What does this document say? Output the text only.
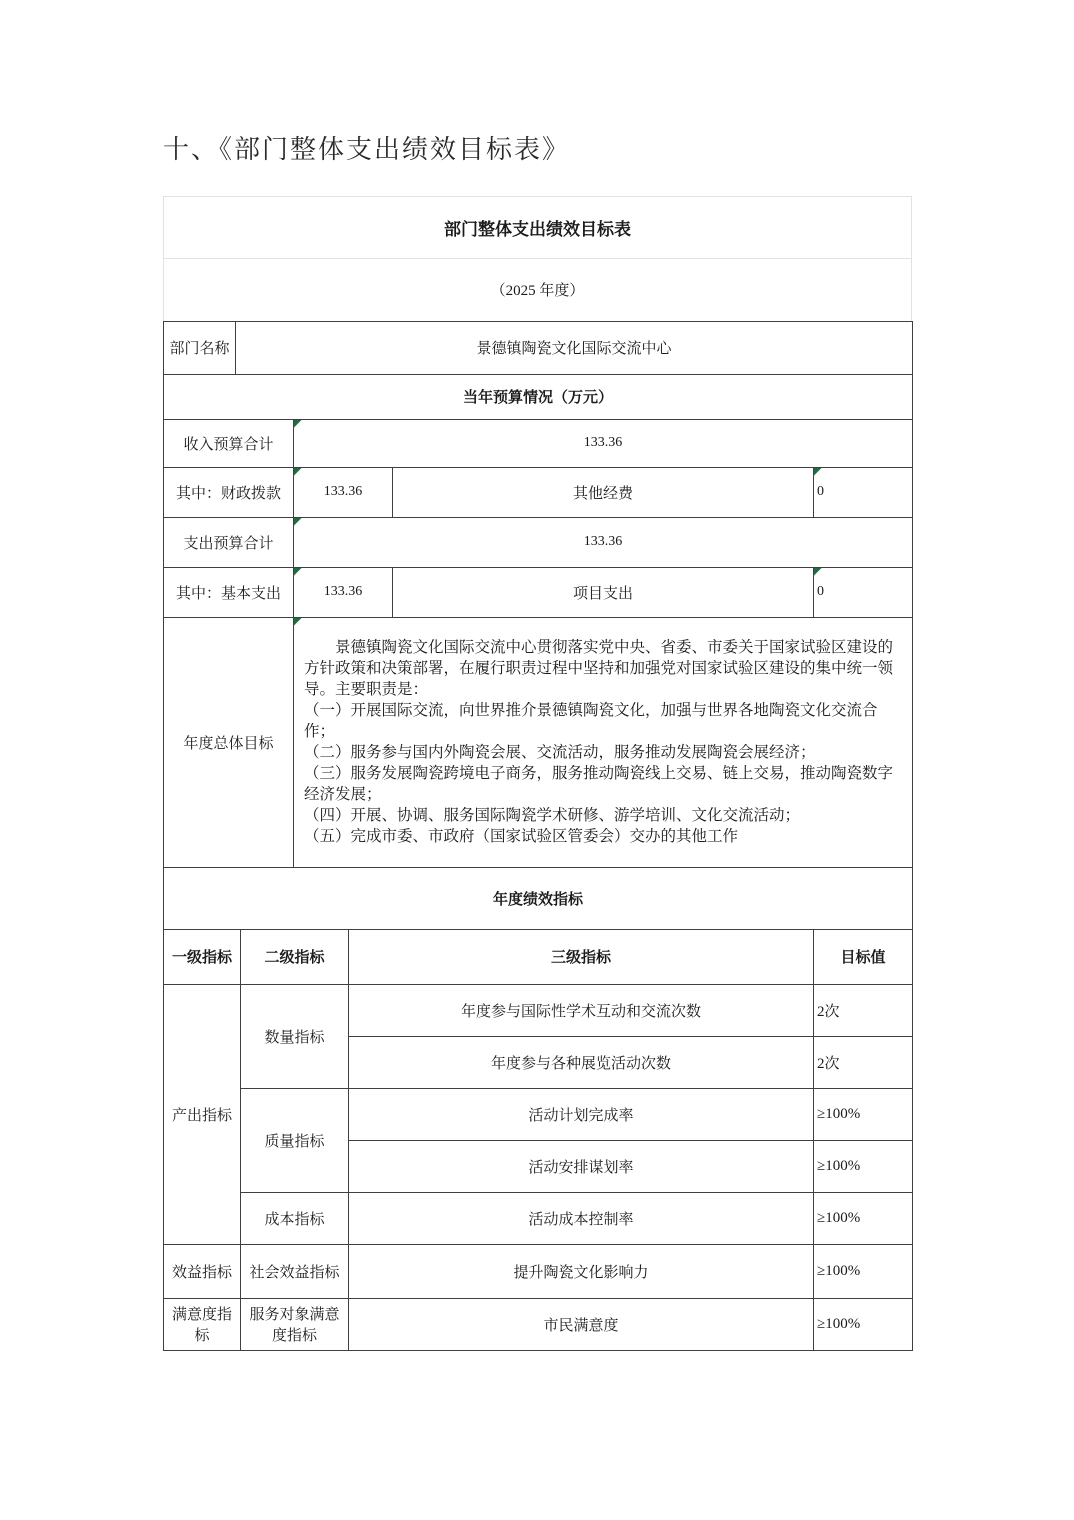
十、《部门整体支出绩效目标表》
部门整体支出绩效目标表
（2025 年度）
部门名称	景德镇陶瓷文化国际交流中心			
当年预算情况（万元）				
收入预算合计		133.36		
其中：财政拨款		133.36	其他经费	0
支出预算合计		133.36		
其中：基本支出		133.36	项目支出	0
年度总体目标	
　　景德镇陶瓷文化国际交流中心贯彻落实党中央、省委、市委关于国家试验区建设的方针政策和决策部署，在履行职责过程中坚持和加强党对国家试验区建设的集中统一领导。主要职责是：
（一）开展国际交流，向世界推介景德镇陶瓷文化，加强与世界各地陶瓷文化交流合作；
（二）服务参与国内外陶瓷会展、交流活动，服务推动发展陶瓷会展经济；
（三）服务发展陶瓷跨境电子商务，服务推动陶瓷线上交易、链上交易，推动陶瓷数字经济发展；
（四）开展、协调、服务国际陶瓷学术研修、游学培训、文化交流活动；
（五）完成市委、市政府（国家试验区管委会）交办的其他工作
年度绩效指标			
一级指标	二级指标	三级指标	目标值
产出指标	数量指标	年度参与国际性学术互动和交流次数	2次
		年度参与各种展览活动次数	2次
	质量指标	活动计划完成率	≥100%
		活动安排谋划率	≥100%
	成本指标	活动成本控制率	≥100%
效益指标	社会效益指标	提升陶瓷文化影响力	≥100%
满意度指标	服务对象满意度指标	市民满意度	≥100%
